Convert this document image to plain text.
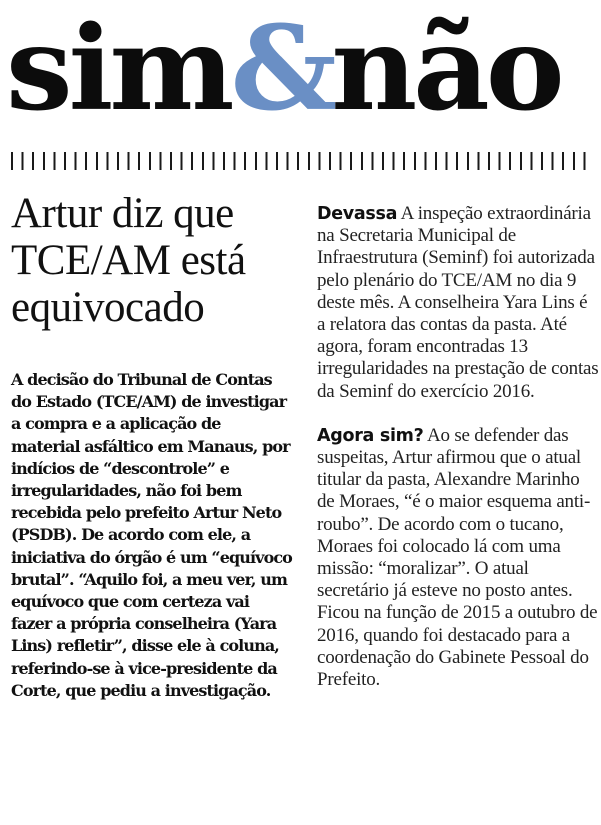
sim&não
Artur diz que TCE/AM está equivocado

A decisão do Tribunal de Contas do Estado (TCE/AM) de investigar a compra e a aplicação de material asfáltico em Manaus, por indícios de “descontrole” e irregularidades, não foi bem recebida pelo prefeito Artur Neto (PSDB). De acordo com ele, a iniciativa do órgão é um “equívoco brutal”. “Aquilo foi, a meu ver, um equívoco que com certeza vai fazer a própria conselheira (Yara Lins) refletir”, disse ele à coluna, referindo-se à vice-presidente da Corte, que pediu a investigação.

Devassa A inspeção extraordinária na Secretaria Municipal de Infraestrutura (Seminf) foi autorizada pelo plenário do TCE/AM no dia 9 deste mês. A conselheira Yara Lins é a relatora das contas da pasta. Até agora, foram encontradas 13 irregularidades na prestação de contas da Seminf do exercício 2016.

Agora sim? Ao se defender das suspeitas, Artur afirmou que o atual titular da pasta, Alexandre Marinho de Moraes, “é o maior esquema anti-roubo”. De acordo com o tucano, Moraes foi colocado lá com uma missão: “moralizar”. O atual secretário já esteve no posto antes. Ficou na função de 2015 a outubro de 2016, quando foi destacado para a coordenação do Gabinete Pessoal do Prefeito.
